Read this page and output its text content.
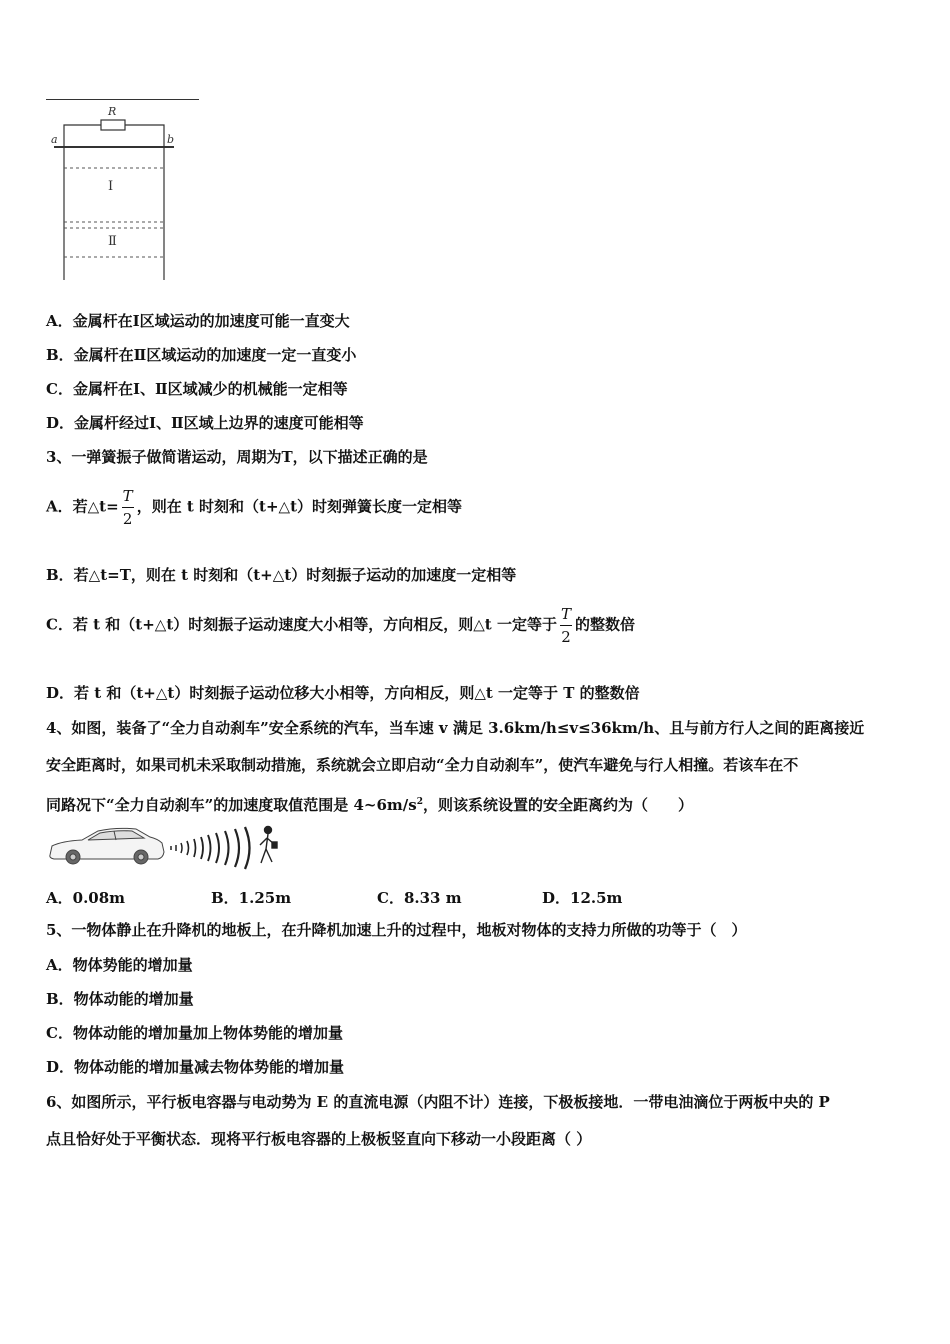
R
a	b
Ⅰ
Ⅱ
A．金属杆在Ⅰ区域运动的加速度可能一直变大
B．金属杆在Ⅱ区域运动的加速度一定一直变小
C．金属杆在Ⅰ、Ⅱ区域减少的机械能一定相等
D．金属杆经过Ⅰ、Ⅱ区域上边界的速度可能相等
3、一弹簧振子做简谐运动，周期为T，以下描述正确的是
A．若△t= $\frac{T}{2}$ ，则在 t 时刻和（t+△t）时刻弹簧长度一定相等
B．若△t=T，则在 t 时刻和（t+△t）时刻振子运动的加速度一定相等
C．若 t 和（t+△t）时刻振子运动速度大小相等，方向相反，则△t 一定等于 $\frac{T}{2}$ 的整数倍
D．若 t 和（t+△t）时刻振子运动位移大小相等，方向相反，则△t 一定等于 T 的整数倍
4、如图，装备了“全力自动刹车”安全系统的汽车，当车速 v 满足 3.6km/h≤v≤36km/h、且与前方行人之间的距离接近
安全距离时，如果司机未采取制动措施，系统就会立即启动“全力自动刹车”，使汽车避免与行人相撞。若该车在不
同路况下“全力自动刹车”的加速度取值范围是 $4\sim 6m/s^2$，则该系统设置的安全距离约为（　　）
A．0.08m	B．1.25m	C．8.33 m	D．12.5m
5、一物体静止在升降机的地板上，在升降机加速上升的过程中，地板对物体的支持力所做的功等于（　）
A．物体势能的增加量
B．物体动能的增加量
C．物体动能的增加量加上物体势能的增加量
D．物体动能的增加量减去物体势能的增加量
6、如图所示，平行板电容器与电动势为 E 的直流电源（内阻不计）连接，下极板接地．一带电油滴位于两板中央的 P
点且恰好处于平衡状态．现将平行板电容器的上极板竖直向下移动一小段距离（ ）
